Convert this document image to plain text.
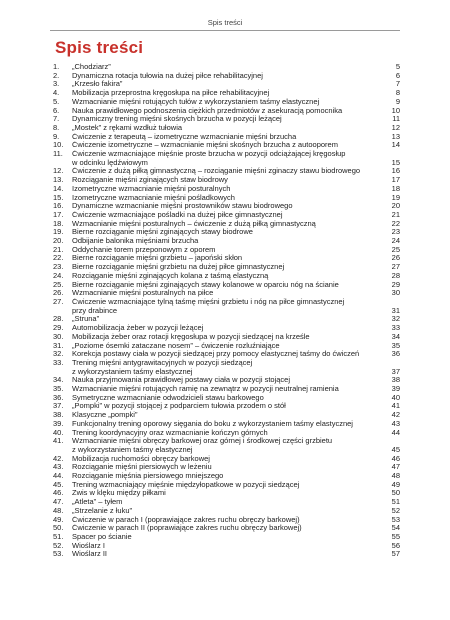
Spis treści
Spis treści
1.	„Chodziarz”	5
2.	Dynamiczna rotacja tułowia na dużej piłce rehabilitacyjnej	6
3.	„Krzesło fakira”	7
4.	Mobilizacja przeprostna kręgosłupa na piłce rehabilitacyjnej	8
5.	Wzmacnianie mięśni rotujących tułów z wykorzystaniem taśmy elastycznej	9
6.	Nauka prawidłowego podnoszenia ciężkich przedmiotów z asekuracją pomocnika	10
7.	Dynamiczny trening mięśni skośnych brzucha w pozycji leżącej	11
8.	„Mostek” z rękami wzdłuż tułowia	12
9.	Ćwiczenie z terapeutą – izometryczne wzmacnianie mięśni brzucha	13
10.	Ćwiczenie izometryczne – wzmacnianie mięśni skośnych brzucha z autooporem	14
11.	Ćwiczenie wzmacniające mięśnie proste brzucha w pozycji odciążającej kręgosłup
w odcinku lędźwiowym	15
12.	Ćwiczenie z dużą piłką gimnastyczną – rozciąganie mięśni zginaczy stawu biodrowego	16
13.	Rozciąganie mięśni zginających staw biodrowy	17
14.	Izometryczne wzmacnianie mięśni posturalnych	18
15.	Izometryczne wzmacnianie mięśni pośladkowych	19
16.	Dynamiczne wzmacnianie mięśni prostowników stawu biodrowego	20
17.	Ćwiczenie wzmacniające pośladki na dużej piłce gimnastycznej	21
18.	Wzmacnianie mięśni posturalnych – ćwiczenie z dużą piłką gimnastyczną	22
19.	Bierne rozciąganie mięśni zginających stawy biodrowe	23
20.	Odbijanie balonika mięśniami brzucha	24
21.	Oddychanie torem przeponowym z oporem	25
22.	Bierne rozciąganie mięśni grzbietu – japoński skłon	26
23.	Bierne rozciąganie mięśni grzbietu na dużej piłce gimnastycznej	27
24.	Rozciąganie mięśni zginających kolana z taśmą elastyczną	28
25.	Bierne rozciąganie mięśni zginających stawy kolanowe w oparciu nóg na ścianie	29
26.	Wzmacnianie mięśni posturalnych na piłce	30
27.	Ćwiczenie wzmacniające tylną taśmę mięśni grzbietu i nóg na piłce gimnastycznej
przy drabince	31
28.	„Struna”	32
29.	Automobilizacja żeber w pozycji leżącej	33
30.	Mobilizacja żeber oraz rotacji kręgosłupa w pozycji siedzącej na krześle	34
31.	„Poziome ósemki zataczane nosem” – ćwiczenie rozluźniające	35
32.	Korekcja postawy ciała w pozycji siedzącej przy pomocy elastycznej taśmy do ćwiczeń	36
33.	Trening mięśni antygrawitacyjnych w pozycji siedzącej
z wykorzystaniem taśmy elastycznej	37
34.	Nauka przyjmowania prawidłowej postawy ciała w pozycji stojącej	38
35.	Wzmacnianie mięśni rotujących ramię na zewnątrz w pozycji neutralnej ramienia	39
36.	Symetryczne wzmacnianie odwodzicieli stawu barkowego	40
37.	„Pompki” w pozycji stojącej z podparciem tułowia przodem o stół	41
38.	Klasyczne „pompki”	42
39.	Funkcjonalny trening oporowy sięgania do boku z wykorzystaniem taśmy elastycznej	43
40.	Trening koordynacyjny oraz wzmacnianie kończyn górnych	44
41.	Wzmacnianie mięśni obręczy barkowej oraz górnej i środkowej części grzbietu
z wykorzystaniem taśmy elastycznej	45
42.	Mobilizacja ruchomości obręczy barkowej	46
43.	Rozciąganie mięśni piersiowych w leżeniu	47
44.	Rozciąganie mięśnia piersiowego mniejszego	48
45.	Trening wzmacniający mięśnie międzyłopatkowe w pozycji siedzącej	49
46.	Zwis w klęku między piłkami	50
47.	„Atleta” – tyłem	51
48.	„Strzelanie z łuku”	52
49.	Ćwiczenie w parach I (poprawiające zakres ruchu obręczy barkowej)	53
50.	Ćwiczenie w parach II (poprawiające zakres ruchu obręczy barkowej)	54
51.	Spacer po ścianie	55
52.	Wioślarz I	56
53.	Wioślarz II	57
